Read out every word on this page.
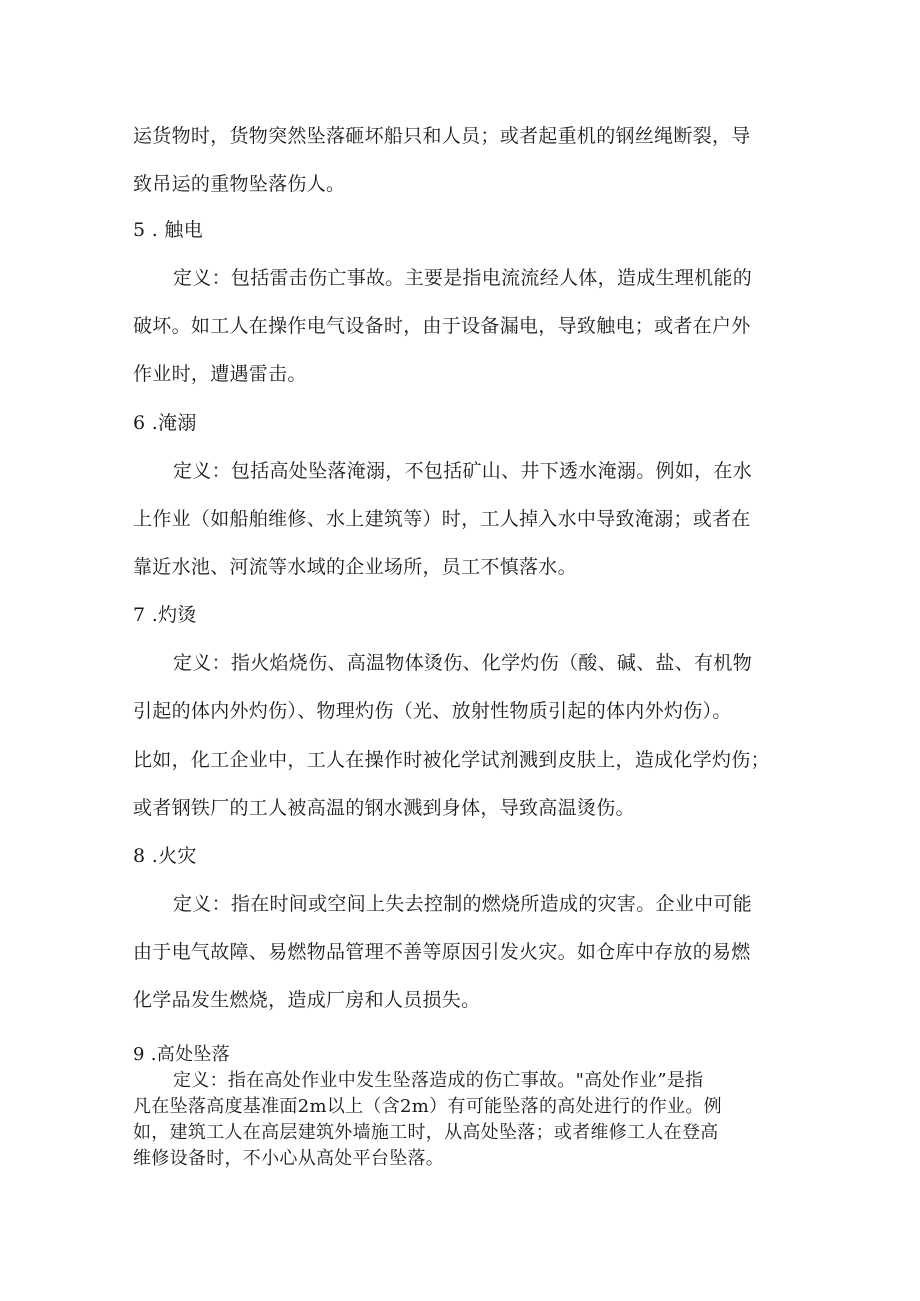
运货物时，货物突然坠落砸坏船只和人员；或者起重机的钢丝绳断裂，导
致吊运的重物坠落伤人。
5 . 触电
定义：包括雷击伤亡事故。主要是指电流流经人体，造成生理机能的
破坏。如工人在操作电气设备时，由于设备漏电，导致触电；或者在户外
作业时，遭遇雷击。
6 .淹溺
定义：包括高处坠落淹溺，不包括矿山、井下透水淹溺。例如，在水
上作业（如船舶维修、水上建筑等）时，工人掉入水中导致淹溺；或者在
靠近水池、河流等水域的企业场所，员工不慎落水。
7 .灼烫
定义：指火焰烧伤、高温物体烫伤、化学灼伤（酸、碱、盐、有机物
引起的体内外灼伤）、物理灼伤（光、放射性物质引起的体内外灼伤）。
比如，化工企业中，工人在操作时被化学试剂溅到皮肤上，造成化学灼伤；
或者钢铁厂的工人被高温的钢水溅到身体，导致高温烫伤。
8 .火灾
定义：指在时间或空间上失去控制的燃烧所造成的灾害。企业中可能
由于电气故障、易燃物品管理不善等原因引发火灾。如仓库中存放的易燃
化学品发生燃烧，造成厂房和人员损失。
9 .高处坠落
定义：指在高处作业中发生坠落造成的伤亡事故。"高处作业”是指
凡在坠落高度基准面2m以上（含2m）有可能坠落的高处进行的作业。例
如，建筑工人在高层建筑外墙施工时，从高处坠落；或者维修工人在登高
维修设备时，不小心从高处平台坠落。
